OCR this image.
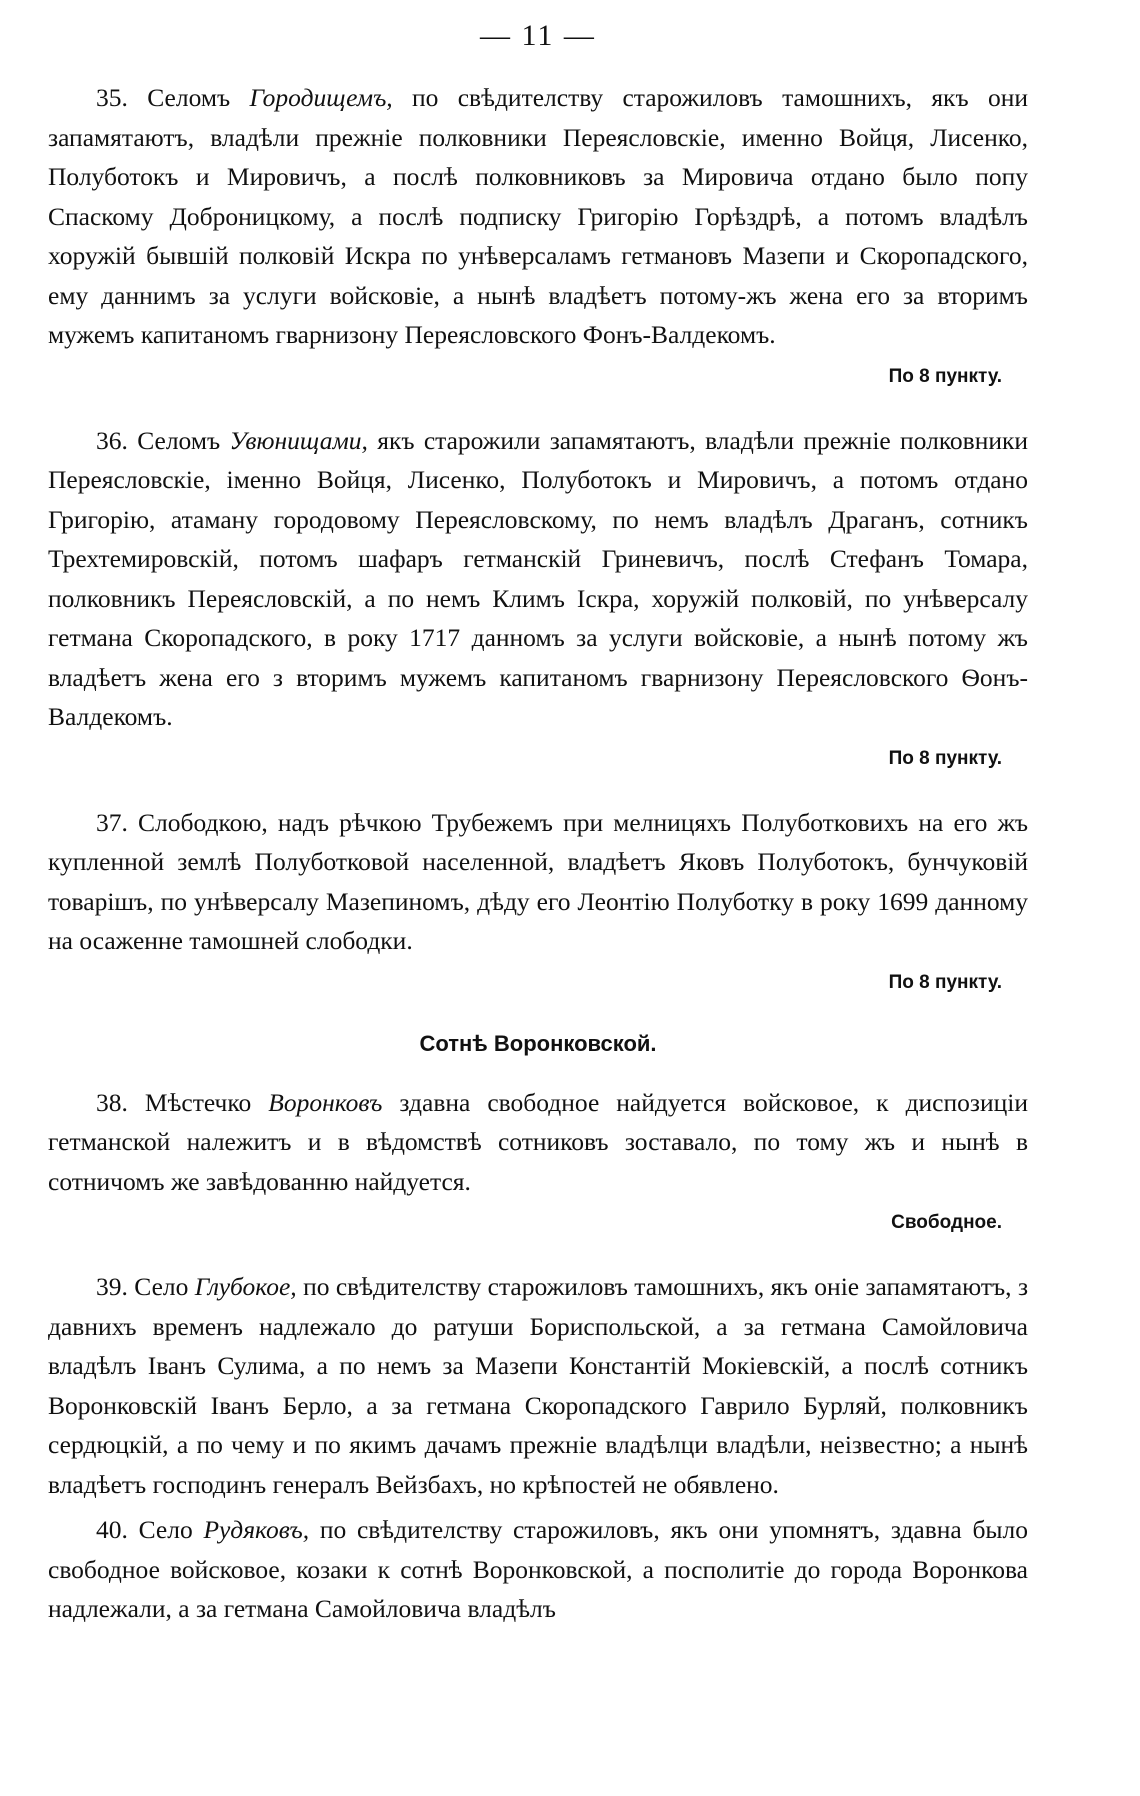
— 11 —

35. Селомъ Городищемъ, по свѣдителству старожиловъ тамошнихъ, якъ они запамятаютъ, владѣли прежніе полковники Переясловскіе, именно Войця, Лисенко, Полуботокъ и Мировичъ, а послѣ полковниковъ за Мировича отдано было попу Спаскому Доброницкому, а послѣ подписку Григорію Горѣздрѣ, а потомъ владѣлъ хоружій бывшій полковій Искра по унѣверсаламъ гетмановъ Мазепи и Скоропадского, ему даннимъ за услуги войсковіе, а нынѣ владѣетъ потому-жъ жена его за вторимъ мужемъ капитаномъ гварнизону Переясловского Фонъ-Валдекомъ.

По 8 пункту.

36. Селомъ Увюнищами, якъ старожили запамятаютъ, владѣли прежніе полковники Переясловскіе, іменно Войця, Лисенко, Полуботокъ и Мировичъ, а потомъ отдано Григорію, атаману городовому Переясловскому, по немъ владѣлъ Драганъ, сотникъ Трехтемировскій, потомъ шафаръ гетманскій Гриневичъ, послѣ Стефанъ Томара, полковникъ Переясловскій, а по немъ Климъ Іскра, хоружій полковій, по унѣверсалу гетмана Скоропадского, в року 1717 данномъ за услуги войсковіе, а нынѣ потому жъ владѣетъ жена его з вторимъ мужемъ капитаномъ гварнизону Переясловского Ѳонъ-Валдекомъ.

По 8 пункту.

37. Слободкою, надъ рѣчкою Трубежемъ при мелницяхъ Полуботковихъ на его жъ купленной землѣ Полуботковой населенной, владѣетъ Яковъ Полуботокъ, бунчуковій товарішъ, по унѣверсалу Мазепиномъ, дѣду его Леонтію Полуботку в року 1699 данному на осаженне тамошней слободки.

По 8 пункту.
Сотнѣ Воронковской.

38. Мѣстечко Воронковъ здавна свободное найдуется войсковое, к диспозицiи гетманской належитъ и в вѣдомствѣ сотниковъ зоставало, по тому жъ и нынѣ в сотничомъ же завѣдованню найдуется.

Свободное.

39. Село Глубокое, по свѣдителству старожиловъ тамошнихъ, якъ оніе запамятаютъ, з давнихъ временъ надлежало до ратуши Бориспольской, а за гетмана Самойловича владѣлъ Іванъ Сулима, а по немъ за Мазепи Константій Мокіевскій, а послѣ сотникъ Воронковскій Іванъ Берло, а за гетмана Скоропадского Гаврило Бурляй, полковникъ сердюцкій, а по чему и по якимъ дачамъ прежніе владѣлци владѣли, неізвестно; а нынѣ владѣетъ господинъ генералъ Вейзбахъ, но крѣпостей не обявлено.

40. Село Рудяковъ, по свѣдителству старожиловъ, якъ они упомнятъ, здавна было свободное войсковое, козаки к сотнѣ Воронковской, а посполитіе до города Воронкова надлежали, а за гетмана Самойловича владѣлъ
